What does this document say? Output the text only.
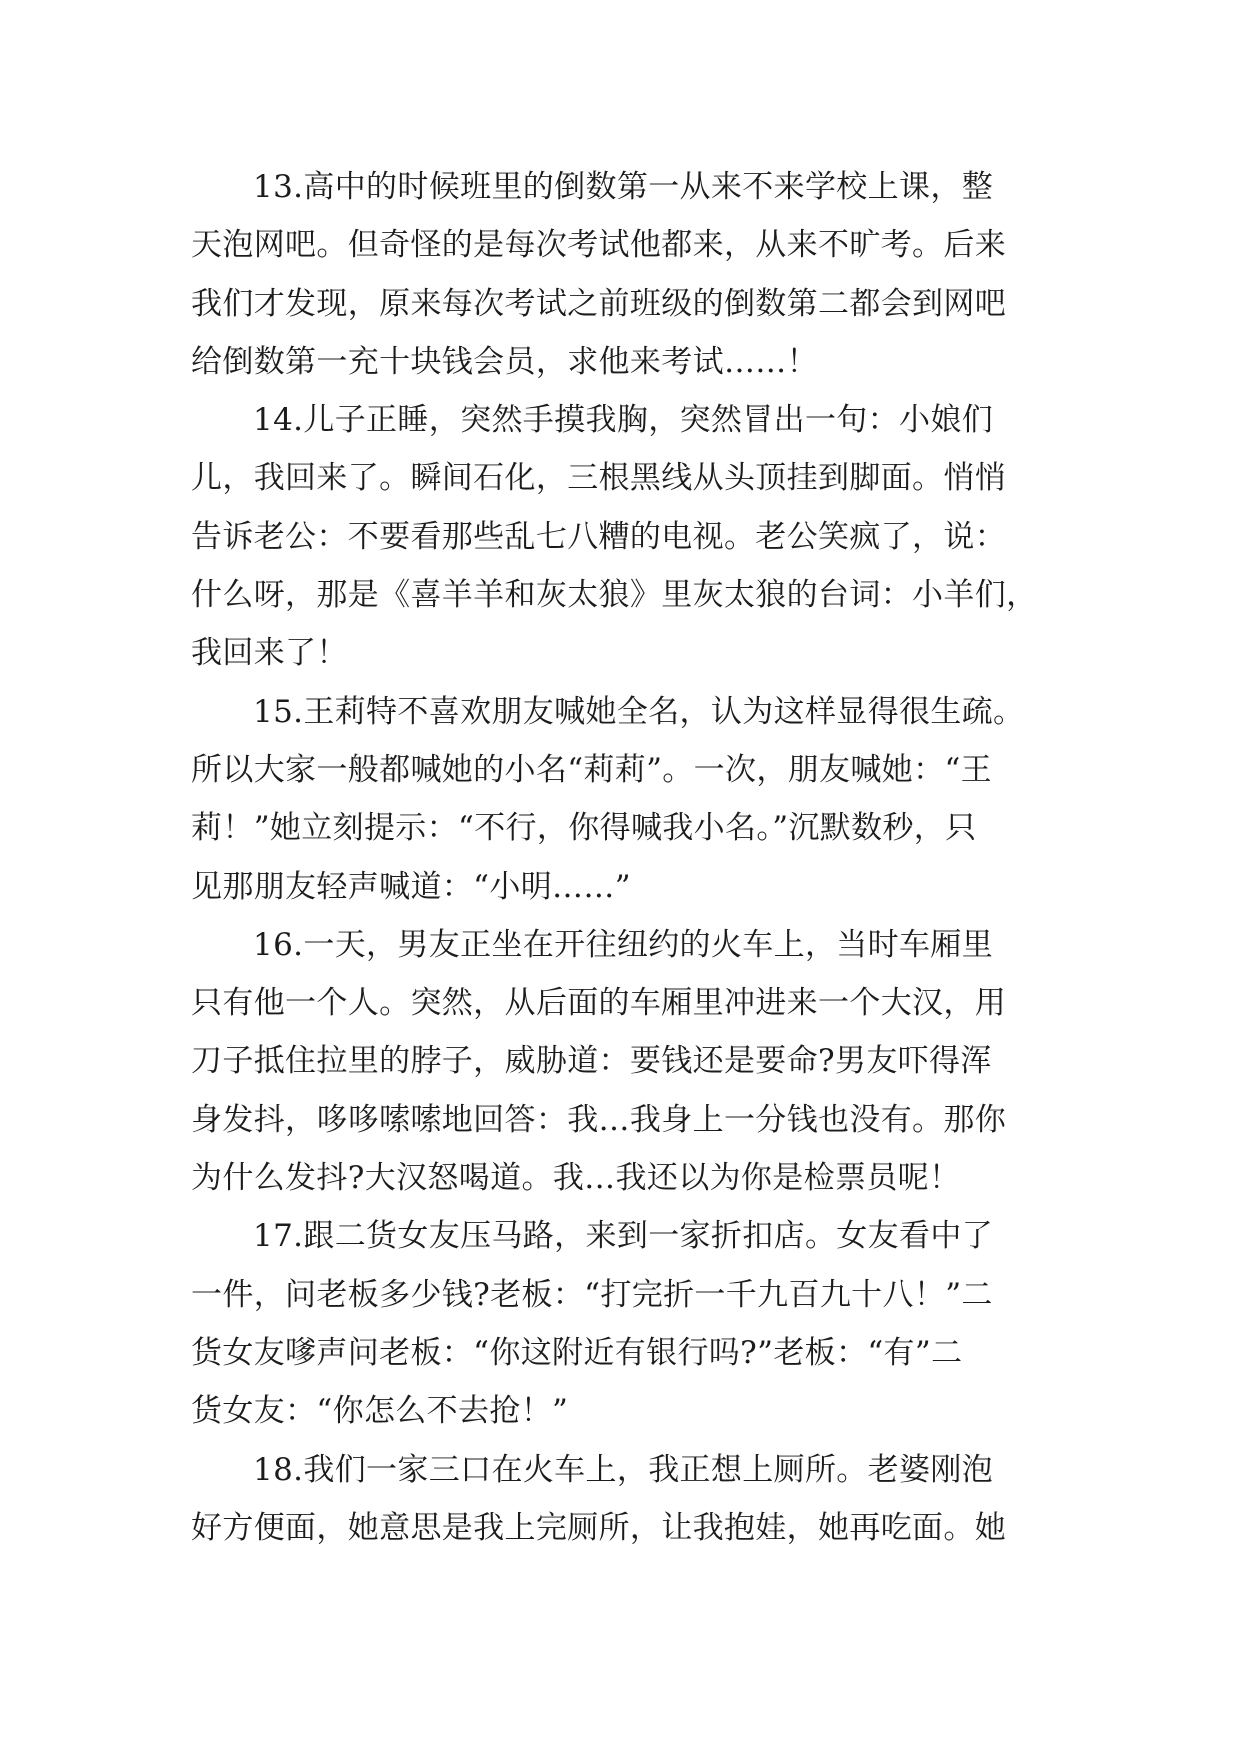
13.高中的时候班里的倒数第一从来不来学校上课，整
天泡网吧。但奇怪的是每次考试他都来，从来不旷考。后来
我们才发现，原来每次考试之前班级的倒数第二都会到网吧
给倒数第一充十块钱会员，求他来考试……！
14.儿子正睡，突然手摸我胸，突然冒出一句：小娘们
儿，我回来了。瞬间石化，三根黑线从头顶挂到脚面。悄悄
告诉老公：不要看那些乱七八糟的电视。老公笑疯了，说：
什么呀，那是《喜羊羊和灰太狼》里灰太狼的台词：小羊们，
我回来了！
15.王莉特不喜欢朋友喊她全名，认为这样显得很生疏。
所以大家一般都喊她的小名“莉莉”。一次，朋友喊她：“王
莉！”她立刻提示：“不行，你得喊我小名。”沉默数秒，只
见那朋友轻声喊道：“小明……”
16.一天，男友正坐在开往纽约的火车上，当时车厢里
只有他一个人。突然，从后面的车厢里冲进来一个大汉，用
刀子抵住拉里的脖子，威胁道：要钱还是要命?男友吓得浑
身发抖，哆哆嗦嗦地回答：我…我身上一分钱也没有。那你
为什么发抖?大汉怒喝道。我…我还以为你是检票员呢！
17.跟二货女友压马路，来到一家折扣店。女友看中了
一件，问老板多少钱?老板：“打完折一千九百九十八！”二
货女友嗲声问老板：“你这附近有银行吗?”老板：“有”二
货女友：“你怎么不去抢！”
18.我们一家三口在火车上，我正想上厕所。老婆刚泡
好方便面，她意思是我上完厕所，让我抱娃，她再吃面。她
